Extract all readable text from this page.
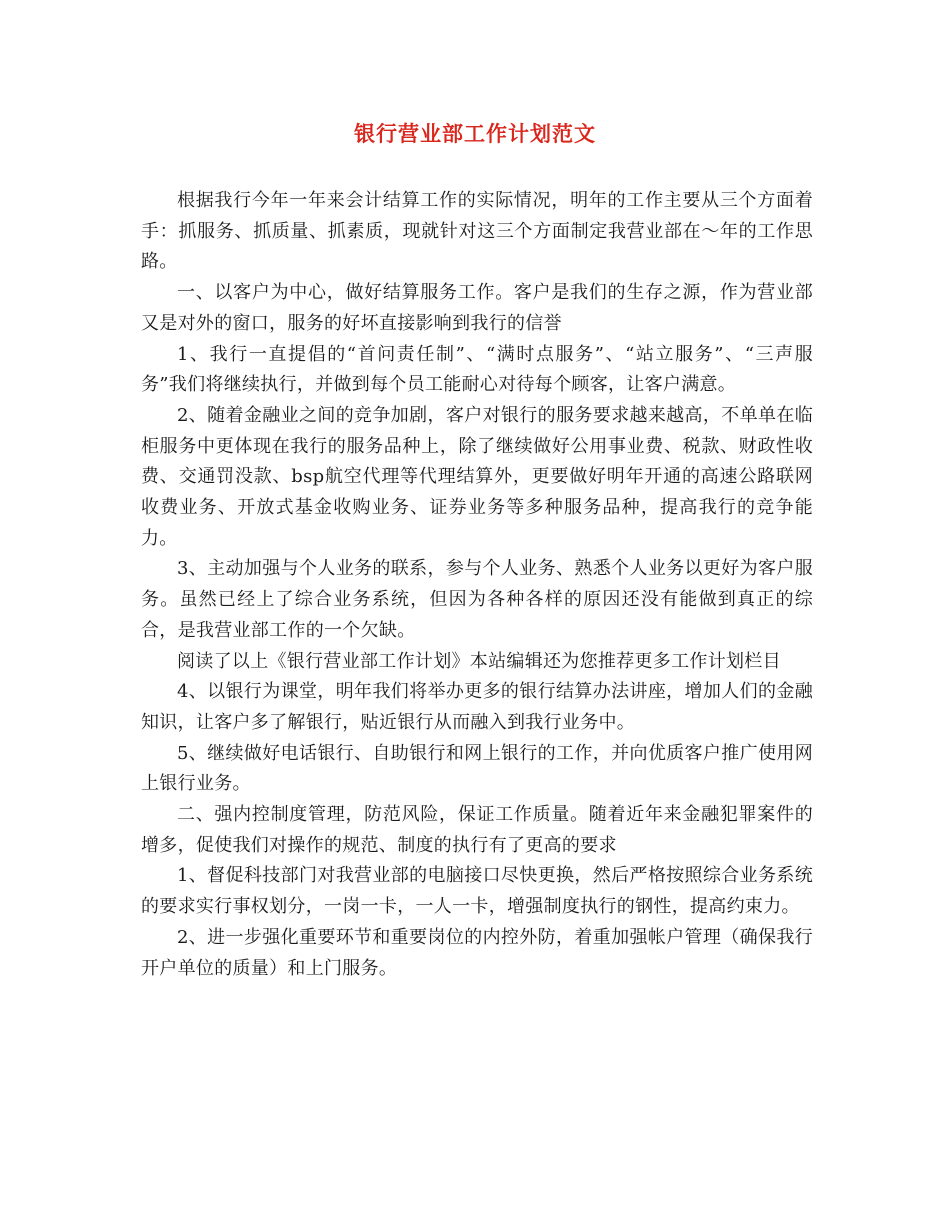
银行营业部工作计划范文

根据我行今年一年来会计结算工作的实际情况，明年的工作主要从三个方面着手：抓服务、抓质量、抓素质，现就针对这三个方面制定我营业部在～年的工作思路。

一、以客户为中心，做好结算服务工作。客户是我们的生存之源，作为营业部又是对外的窗口，服务的好坏直接影响到我行的信誉

1、我行一直提倡的“首问责任制”、“满时点服务”、“站立服务”、“三声服务”我们将继续执行，并做到每个员工能耐心对待每个顾客，让客户满意。

2、随着金融业之间的竞争加剧，客户对银行的服务要求越来越高，不单单在临柜服务中更体现在我行的服务品种上，除了继续做好公用事业费、税款、财政性收费、交通罚没款、bsp航空代理等代理结算外，更要做好明年开通的高速公路联网收费业务、开放式基金收购业务、证券业务等多种服务品种，提高我行的竞争能力。

3、主动加强与个人业务的联系，参与个人业务、熟悉个人业务以更好为客户服务。虽然已经上了综合业务系统，但因为各种各样的原因还没有能做到真正的综合，是我营业部工作的一个欠缺。

阅读了以上《银行营业部工作计划》本站编辑还为您推荐更多工作计划栏目

4、以银行为课堂，明年我们将举办更多的银行结算办法讲座，增加人们的金融知识，让客户多了解银行，贴近银行从而融入到我行业务中。

5、继续做好电话银行、自助银行和网上银行的工作，并向优质客户推广使用网上银行业务。

二、强内控制度管理，防范风险，保证工作质量。随着近年来金融犯罪案件的增多，促使我们对操作的规范、制度的执行有了更高的要求

1、督促科技部门对我营业部的电脑接口尽快更换，然后严格按照综合业务系统的要求实行事权划分，一岗一卡，一人一卡，增强制度执行的钢性，提高约束力。

2、进一步强化重要环节和重要岗位的内控外防，着重加强帐户管理（确保我行开户单位的质量）和上门服务。
